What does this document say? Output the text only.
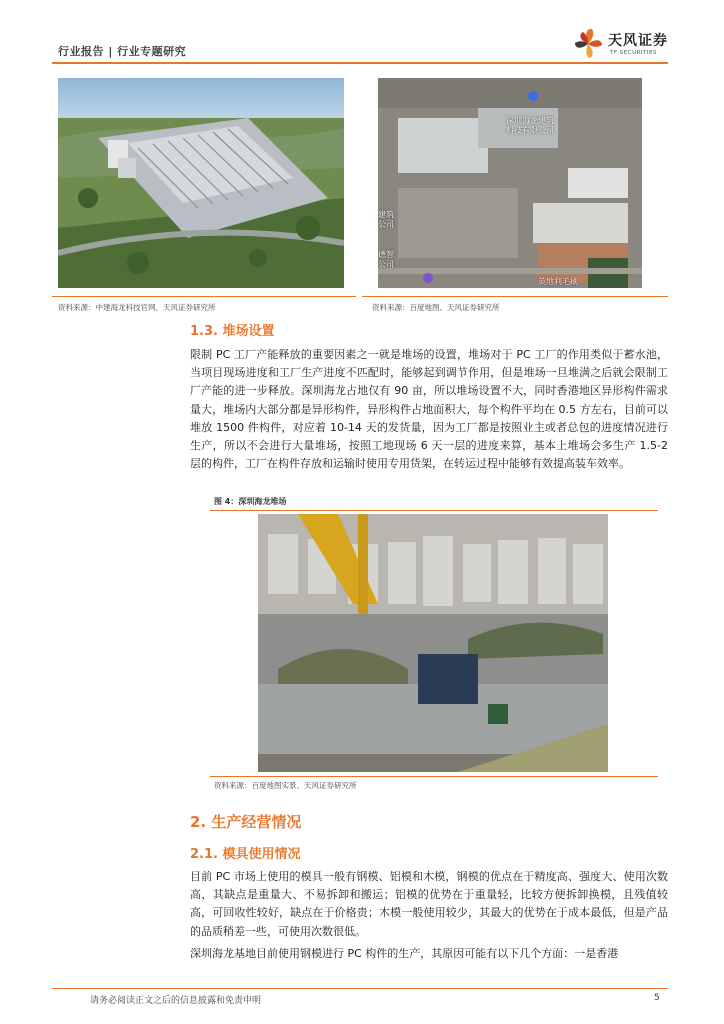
行业报告 | 行业专题研究
天风证券
TF SECURITIES
资料来源：中建海龙科技官网、天风证券研究所
深圳海龙建筑
科技有限公司
建筑
公司
德智
公司
英地利毛刷
资料来源：百度地图、天风证券研究所
1.3. 堆场设置
限制 PC 工厂产能释放的重要因素之一就是堆场的设置，堆场对于 PC 工厂的作用类似于蓄水池，当项目现场进度和工厂生产进度不匹配时，能够起到调节作用，但是堆场一旦堆满之后就会限制工厂产能的进一步释放。深圳海龙占地仅有 90 亩，所以堆场设置不大，同时香港地区异形构件需求量大，堆场内大部分都是异形构件，异形构件占地面积大，每个构件平均在 0.5 方左右，目前可以堆放 1500 件构件，对应着 10-14 天的发货量，因为工厂都是按照业主或者总包的进度情况进行生产，所以不会进行大量堆场，按照工地现场 6 天一层的进度来算，基本上堆场会多生产 1.5-2 层的构件，工厂在构件存放和运输时使用专用货架，在转运过程中能够有效提高装车效率。
图 4：深圳海龙堆场
资料来源：百度地图实景、天风证券研究所
2. 生产经营情况
2.1. 模具使用情况
目前 PC 市场上使用的模具一般有钢模、铝模和木模，钢模的优点在于精度高、强度大、使用次数高，其缺点是重量大、不易拆卸和搬运；铝模的优势在于重量轻，比较方便拆卸换模，且残值较高，可回收性较好，缺点在于价格贵；木模一般使用较少，其最大的优势在于成本最低，但是产品的品质稍差一些，可使用次数很低。
深圳海龙基地目前使用钢模进行 PC 构件的生产，其原因可能有以下几个方面：一是香港
请务必阅读正文之后的信息披露和免责申明	5
